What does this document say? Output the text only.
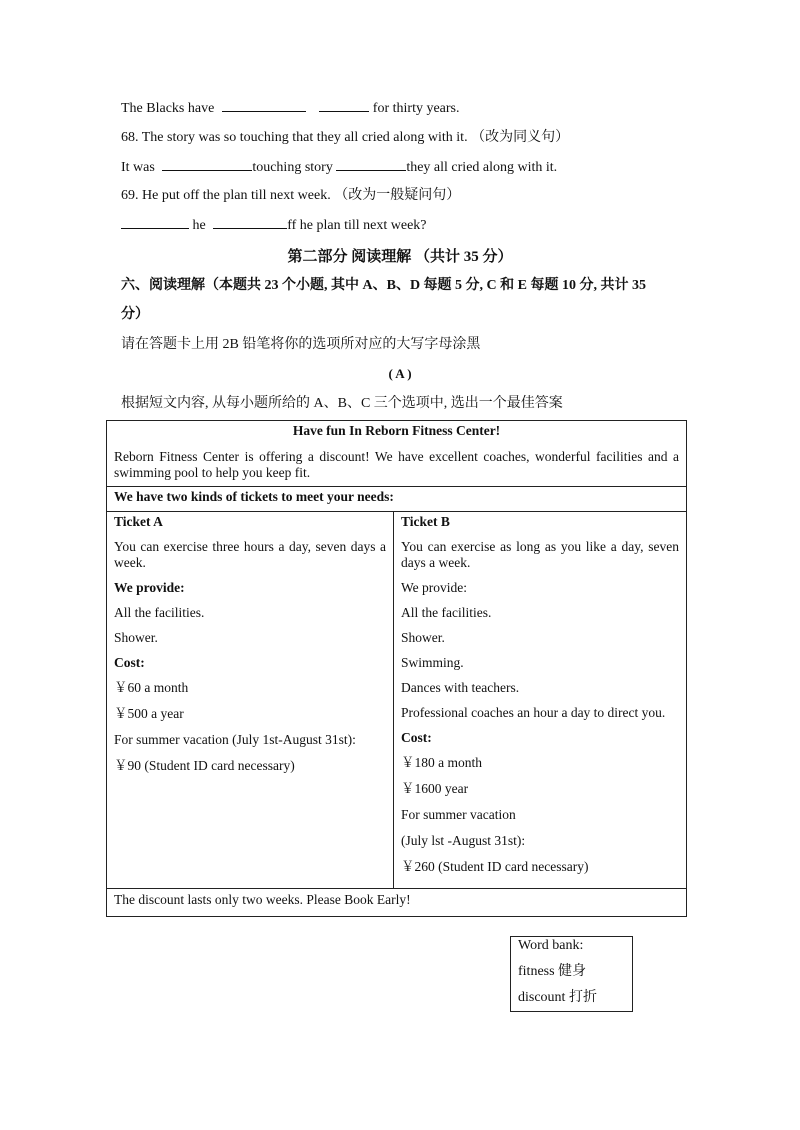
The Blacks have	for thirty years.
68. The story was so touching that they all cried along with it. （改为同义句）
It was	touching story	they all cried along with it.
69. He put off the plan till next week. （改为一般疑问句）
he	ff he plan till next week?
第二部分 阅读理解 （共计 35 分）
六、阅读理解（本题共 23 个小题, 其中 A、B、D 每题 5 分, C 和 E 每题 10 分, 共计 35
分）
请在答题卡上用 2B 铅笔将你的选项所对应的大写字母涂黑
( A )
根据短文内容, 从每小题所给的 A、B、C 三个选项中, 选出一个最佳答案
Have fun In Reborn Fitness Center!
Reborn Fitness Center is offering a discount! We have excellent coaches, wonderful facilities and a swimming pool to help you keep fit.

We have two kinds of tickets to meet your needs:

Ticket A
You can exercise three hours a day, seven days a week.
We provide:
All the facilities.
Shower.
Cost:
￥60 a month
￥500 a year
For summer vacation (July 1st-August 31st):
￥90 (Student ID card necessary)

Ticket B
You can exercise as long as you like a day, seven days a week.
We provide:
All the facilities.
Shower.
Swimming.
Dances with teachers.
Professional coaches an hour a day to direct you.
Cost:
￥180 a month
￥1600 year
For summer vacation
(July lst -August 31st):
￥260 (Student ID card necessary)

The discount lasts only two weeks. Please Book Early!
Word bank:
fitness 健身
discount 打折
